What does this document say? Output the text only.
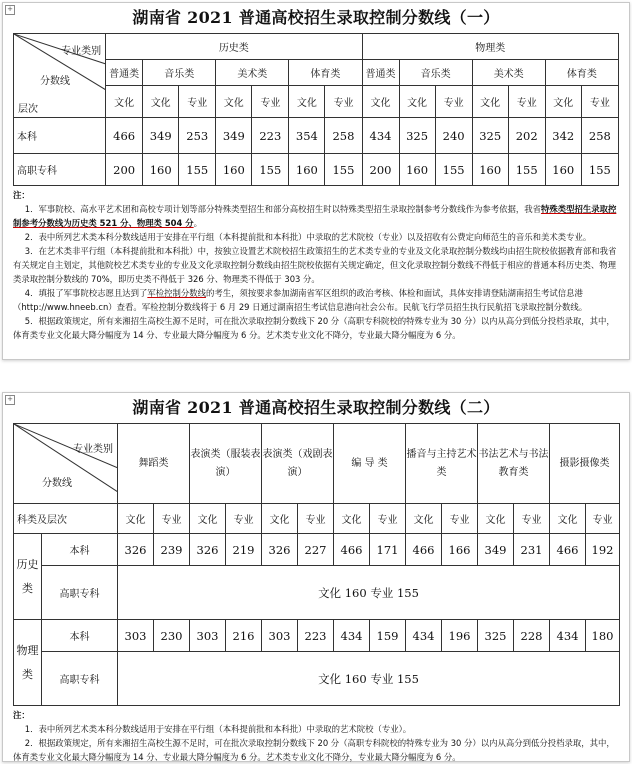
+	湖南省 2021 普通高校招生录取控制分数线（一）
专业类别
分数线
层次	历史类							物理类						
	普通类	音乐类		美术类		体育类		普通类	音乐类		美术类		体育类	
	文化	文化	专业	文化	专业	文化	专业	文化	文化	专业	文化	专业	文化	专业
本科	466	349	253	349	223	354	258	434	325	240	325	202	342	258
高职专科	200	160	155	160	155	160	155	200	160	155	160	155	160	155

注：

1．军事院校、高水平艺术团和高校专项计划等部分特殊类型招生和部分高校招生时以特殊类型招生录取控制参考分数线作为参考依据，我省特殊类型招生录取控制参考分数线为历史类 521 分、物理类 504 分。

2．表中所列艺术类本科分数线适用于安排在平行组（本科提前批和本科批）中录取的艺术院校（专业）以及招收有公费定向师范生的音乐和美术类专业。

3．在艺术类非平行组（本科提前批和本科批）中，按独立设置艺术院校招生政策招生的艺术类专业的专业及文化录取控制分数线均由招生院校依据教育部和我省有关规定自主划定，其他院校艺术类专业的专业及文化录取控制分数线由招生院校依据有关规定确定，但文化录取控制分数线不得低于相应的普通本科历史类、物理类录取控制分数线的 70%，即历史类不得低于 326 分、物理类不得低于 303 分。

4．填报了军事院校志愿且达到了军检控制分数线的考生，须按要求参加湖南省军区组织的政治考核、体检和面试，具体安排请登陆湖南招生考试信息港（http://www.hneeb.cn）查看。军检控制分数线将于 6 月 29 日通过湖南招生考试信息港向社会公布。民航飞行学员招生执行民航招飞录取控制分数线。

5．根据政策规定，所有来湘招生高校生源不足时，可在批次录取控制分数线下 20 分（高职专科院校的特殊专业为 30 分）以内从高分到低分投档录取，其中，体育类专业文化最大降分幅度为 14 分、专业最大降分幅度为 6 分。艺术类专业文化不降分，专业最大降分幅度为 6 分。

+	湖南省 2021 普通高校招生录取控制分数线（二）
专业类别
分数线		舞蹈类		表演类（服装表演）		表演类（戏剧表演）		编 导 类		播音与主持艺术类		书法艺术与书法教育类		摄影摄像类	
科类及层次		文化	专业	文化	专业	文化	专业	文化	专业	文化	专业	文化	专业	文化	专业
历史类	本科	326	239	326	219	326	227	466	171	466	166	349	231	466	192
	高职专科	文化 160 专业 155													
物理类	本科	303	230	303	216	303	223	434	159	434	196	325	228	434	180
	高职专科	文化 160 专业 155													

注：

1．表中所列艺术类本科分数线适用于安排在平行组（本科提前批和本科批）中录取的艺术院校（专业）。

2．根据政策规定，所有来湘招生高校生源不足时，可在批次录取控制分数线下 20 分（高职专科院校的特殊专业为 30 分）以内从高分到低分投档录取，其中，体育类专业文化最大降分幅度为 14 分、专业最大降分幅度为 6 分。艺术类专业文化不降分，专业最大降分幅度为 6 分。
